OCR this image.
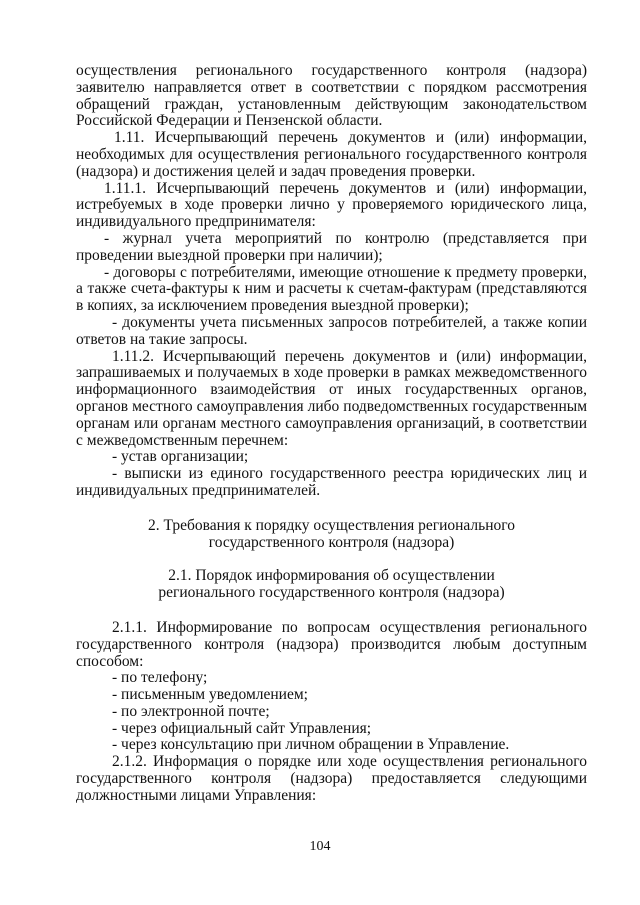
осуществления регионального государственного контроля (надзора) заявителю направляется ответ в соответствии с порядком рассмотрения обращений граждан, установленным действующим законодательством Российской Федерации и Пензенской области.

1.11. Исчерпывающий перечень документов и (или) информации, необходимых для осуществления регионального государственного контроля (надзора) и достижения целей и задач проведения проверки.

1.11.1. Исчерпывающий перечень документов и (или) информации, истребуемых в ходе проверки лично у проверяемого юридического лица, индивидуального предпринимателя:

- журнал учета мероприятий по контролю (представляется при проведении выездной проверки при наличии);

- договоры с потребителями, имеющие отношение к предмету проверки, а также счета-фактуры к ним и расчеты к счетам-фактурам (представляются в копиях, за исключением проведения выездной проверки);

- документы учета письменных запросов потребителей, а также копии ответов на такие запросы.

1.11.2. Исчерпывающий перечень документов и (или) информации, запрашиваемых и получаемых в ходе проверки в рамках межведомственного информационного взаимодействия от иных государственных органов, органов местного самоуправления либо подведомственных государственным органам или органам местного самоуправления организаций, в соответствии с межведомственным перечнем:

- устав организации;

- выписки из единого государственного реестра юридических лиц и индивидуальных предпринимателей.

2. Требования к порядку осуществления регионального
государственного контроля (надзора)
2.1. Порядок информирования об осуществлении
регионального государственного контроля (надзора)

2.1.1. Информирование по вопросам осуществления регионального государственного контроля (надзора) производится любым доступным способом:

- по телефону;

- письменным уведомлением;

- по электронной почте;

- через официальный сайт Управления;

- через консультацию при личном обращении в Управление.

2.1.2. Информация о порядке или ходе осуществления регионального государственного контроля (надзора) предоставляется следующими должностными лицами Управления:

104
